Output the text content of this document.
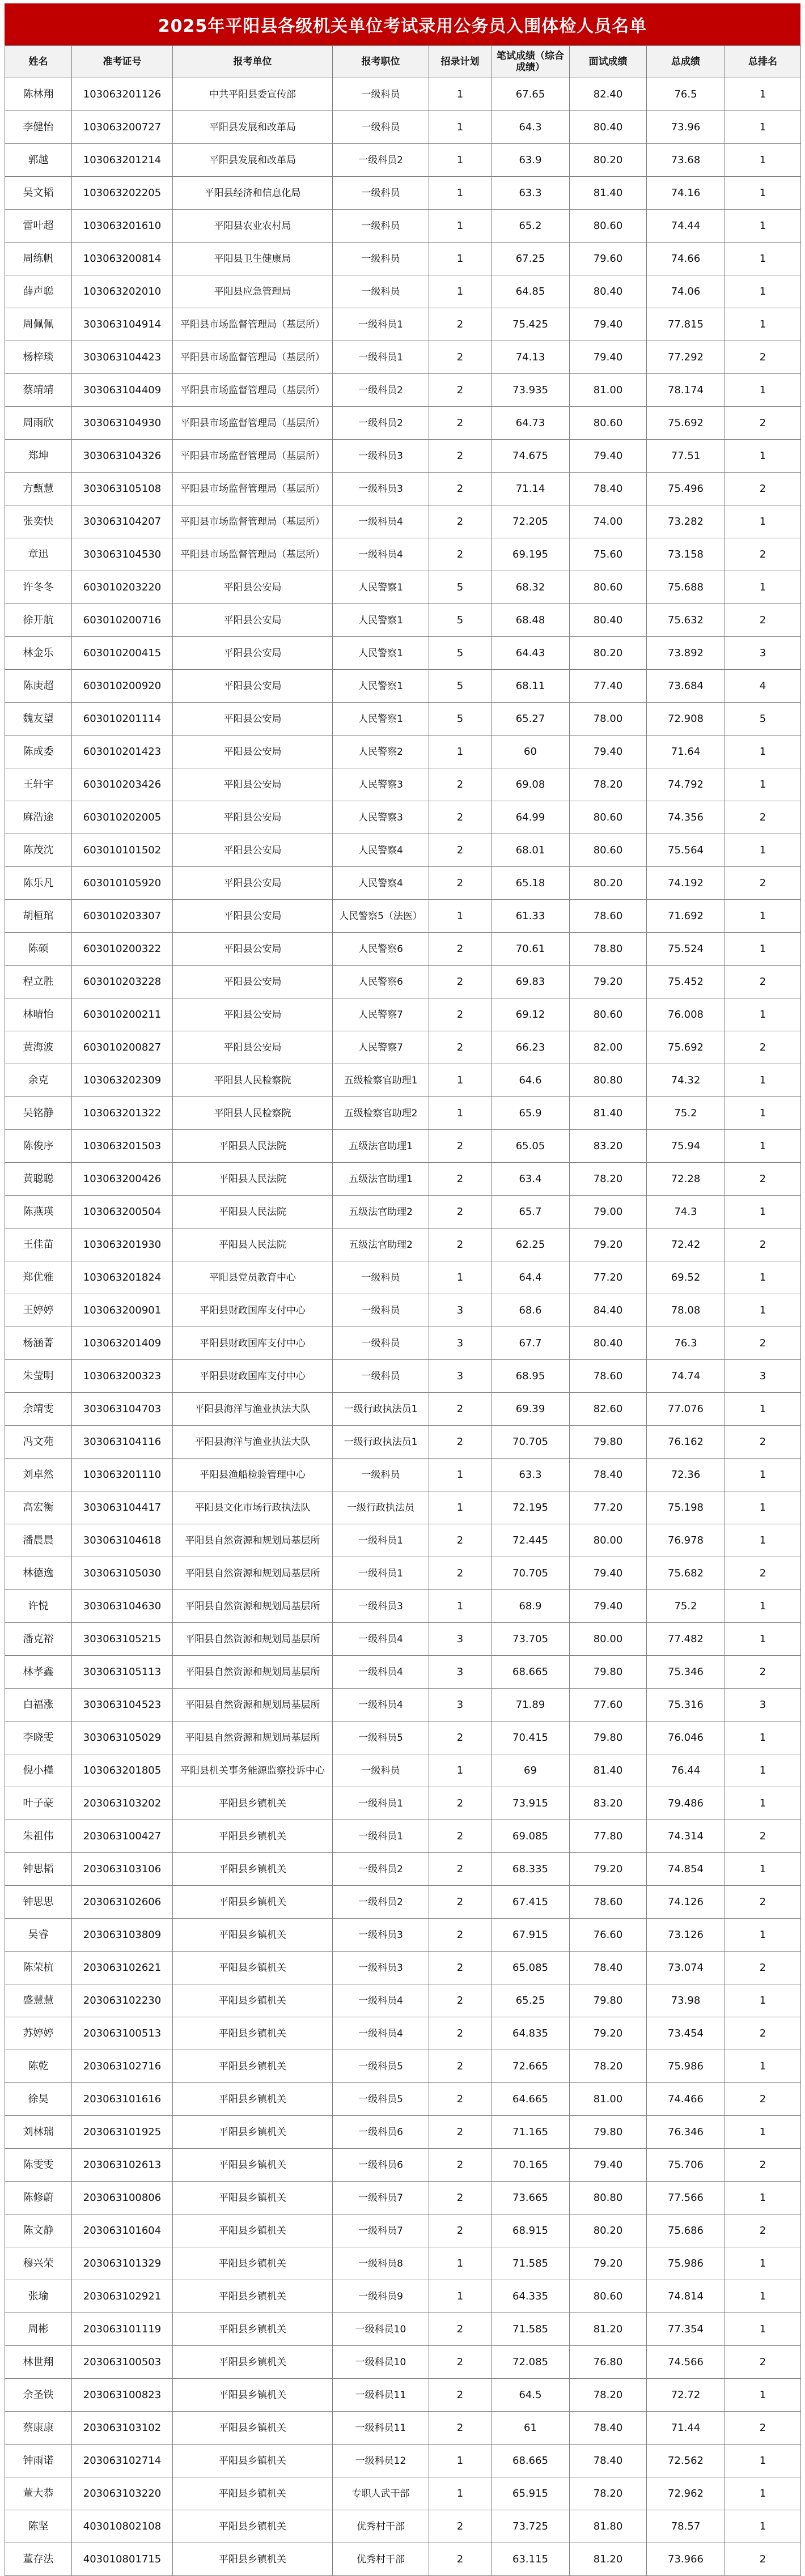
2025年平阳县各级机关单位考试录用公务员入围体检人员名单
姓名	准考证号	报考单位	报考职位	招录计划	笔试成绩（综合成绩）	面试成绩	总成绩	总排名

陈林翔	103063201126	中共平阳县委宣传部	一级科员	1	67.65	82.40	76.5	1
李健怡	103063200727	平阳县发展和改革局	一级科员	1	64.3	80.40	73.96	1
郭越	103063201214	平阳县发展和改革局	一级科员2	1	63.9	80.20	73.68	1
吴文韬	103063202205	平阳县经济和信息化局	一级科员	1	63.3	81.40	74.16	1
雷叶超	103063201610	平阳县农业农村局	一级科员	1	65.2	80.60	74.44	1
周练帆	103063200814	平阳县卫生健康局	一级科员	1	67.25	79.60	74.66	1
薛声聪	103063202010	平阳县应急管理局	一级科员	1	64.85	80.40	74.06	1
周佩佩	303063104914	平阳县市场监督管理局（基层所）	一级科员1	2	75.425	79.40	77.815	1
杨梓琰	303063104423	平阳县市场监督管理局（基层所）	一级科员1	2	74.13	79.40	77.292	2
蔡靖靖	303063104409	平阳县市场监督管理局（基层所）	一级科员2	2	73.935	81.00	78.174	1
周雨欣	303063104930	平阳县市场监督管理局（基层所）	一级科员2	2	64.73	80.60	75.692	2
郑坤	303063104326	平阳县市场监督管理局（基层所）	一级科员3	2	74.675	79.40	77.51	1
方甄慧	303063105108	平阳县市场监督管理局（基层所）	一级科员3	2	71.14	78.40	75.496	2
张奕快	303063104207	平阳县市场监督管理局（基层所）	一级科员4	2	72.205	74.00	73.282	1
章迅	303063104530	平阳县市场监督管理局（基层所）	一级科员4	2	69.195	75.60	73.158	2
许冬冬	603010203220	平阳县公安局	人民警察1	5	68.32	80.60	75.688	1
徐开航	603010200716	平阳县公安局	人民警察1	5	68.48	80.40	75.632	2
林金乐	603010200415	平阳县公安局	人民警察1	5	64.43	80.20	73.892	3
陈庚超	603010200920	平阳县公安局	人民警察1	5	68.11	77.40	73.684	4
魏友望	603010201114	平阳县公安局	人民警察1	5	65.27	78.00	72.908	5
陈成委	603010201423	平阳县公安局	人民警察2	1	60	79.40	71.64	1
王轩宇	603010203426	平阳县公安局	人民警察3	2	69.08	78.20	74.792	1
麻浩途	603010202005	平阳县公安局	人民警察3	2	64.99	80.60	74.356	2
陈茂沈	603010101502	平阳县公安局	人民警察4	2	68.01	80.60	75.564	1
陈乐凡	603010105920	平阳县公安局	人民警察4	2	65.18	80.20	74.192	2
胡桓琯	603010203307	平阳县公安局	人民警察5（法医）	1	61.33	78.60	71.692	1
陈硕	603010200322	平阳县公安局	人民警察6	2	70.61	78.80	75.524	1
程立胜	603010203228	平阳县公安局	人民警察6	2	69.83	79.20	75.452	2
林晴怡	603010200211	平阳县公安局	人民警察7	2	69.12	80.60	76.008	1
黄海波	603010200827	平阳县公安局	人民警察7	2	66.23	82.00	75.692	2
余克	103063202309	平阳县人民检察院	五级检察官助理1	1	64.6	80.80	74.32	1
吴铭静	103063201322	平阳县人民检察院	五级检察官助理2	1	65.9	81.40	75.2	1
陈俊序	103063201503	平阳县人民法院	五级法官助理1	2	65.05	83.20	75.94	1
黄聪聪	103063200426	平阳县人民法院	五级法官助理1	2	63.4	78.20	72.28	2
陈燕瑛	103063200504	平阳县人民法院	五级法官助理2	2	65.7	79.00	74.3	1
王佳苗	103063201930	平阳县人民法院	五级法官助理2	2	62.25	79.20	72.42	2
郑优雅	103063201824	平阳县党员教育中心	一级科员	1	64.4	77.20	69.52	1
王婷婷	103063200901	平阳县财政国库支付中心	一级科员	3	68.6	84.40	78.08	1
杨涵菁	103063201409	平阳县财政国库支付中心	一级科员	3	67.7	80.40	76.3	2
朱莹明	103063200323	平阳县财政国库支付中心	一级科员	3	68.95	78.60	74.74	3
余靖雯	303063104703	平阳县海洋与渔业执法大队	一级行政执法员1	2	69.39	82.60	77.076	1
冯文苑	303063104116	平阳县海洋与渔业执法大队	一级行政执法员1	2	70.705	79.80	76.162	2
刘卓然	103063201110	平阳县渔船检验管理中心	一级科员	1	63.3	78.40	72.36	1
高宏衡	303063104417	平阳县文化市场行政执法队	一级行政执法员	1	72.195	77.20	75.198	1
潘晨晨	303063104618	平阳县自然资源和规划局基层所	一级科员1	2	72.445	80.00	76.978	1
林德逸	303063105030	平阳县自然资源和规划局基层所	一级科员1	2	70.705	79.40	75.682	2
许悦	303063104630	平阳县自然资源和规划局基层所	一级科员3	1	68.9	79.40	75.2	1
潘克裕	303063105215	平阳县自然资源和规划局基层所	一级科员4	3	73.705	80.00	77.482	1
林孝鑫	303063105113	平阳县自然资源和规划局基层所	一级科员4	3	68.665	79.80	75.346	2
白福涨	303063104523	平阳县自然资源和规划局基层所	一级科员4	3	71.89	77.60	75.316	3
李晓雯	303063105029	平阳县自然资源和规划局基层所	一级科员5	2	70.415	79.80	76.046	1
倪小槿	103063201805	平阳县机关事务能源监察投诉中心	一级科员	1	69	81.40	76.44	1
叶子豪	203063103202	平阳县乡镇机关	一级科员1	2	73.915	83.20	79.486	1
朱祖伟	203063100427	平阳县乡镇机关	一级科员1	2	69.085	77.80	74.314	2
钟思韬	203063103106	平阳县乡镇机关	一级科员2	2	68.335	79.20	74.854	1
钟思思	203063102606	平阳县乡镇机关	一级科员2	2	67.415	78.60	74.126	2
吴睿	203063103809	平阳县乡镇机关	一级科员3	2	67.915	76.60	73.126	1
陈荣杭	203063102621	平阳县乡镇机关	一级科员3	2	65.085	78.40	73.074	2
盛慧慧	203063102230	平阳县乡镇机关	一级科员4	2	65.25	79.80	73.98	1
苏婷婷	203063100513	平阳县乡镇机关	一级科员4	2	64.835	79.20	73.454	2
陈乾	203063102716	平阳县乡镇机关	一级科员5	2	72.665	78.20	75.986	1
徐昊	203063101616	平阳县乡镇机关	一级科员5	2	64.665	81.00	74.466	2
刘林瑞	203063101925	平阳县乡镇机关	一级科员6	2	71.165	79.80	76.346	1
陈雯雯	203063102613	平阳县乡镇机关	一级科员6	2	70.165	79.40	75.706	2
陈修蔚	203063100806	平阳县乡镇机关	一级科员7	2	73.665	80.80	77.566	1
陈文静	203063101604	平阳县乡镇机关	一级科员7	2	68.915	80.20	75.686	2
穆兴荣	203063101329	平阳县乡镇机关	一级科员8	1	71.585	79.20	75.986	1
张瑜	203063102921	平阳县乡镇机关	一级科员9	1	64.335	80.60	74.814	1
周彬	203063101119	平阳县乡镇机关	一级科员10	2	71.585	81.20	77.354	1
林世翔	203063100503	平阳县乡镇机关	一级科员10	2	72.085	76.80	74.566	2
余圣铁	203063100823	平阳县乡镇机关	一级科员11	2	64.5	78.20	72.72	1
蔡康康	203063103102	平阳县乡镇机关	一级科员11	2	61	78.40	71.44	2
钟雨诺	203063102714	平阳县乡镇机关	一级科员12	1	68.665	78.40	72.562	1
董大恭	203063103220	平阳县乡镇机关	专职人武干部	1	65.915	78.20	72.962	1
陈坚	403010802108	平阳县乡镇机关	优秀村干部	2	73.725	81.80	78.57	1
董存法	403010801715	平阳县乡镇机关	优秀村干部	2	63.115	81.20	73.966	2
